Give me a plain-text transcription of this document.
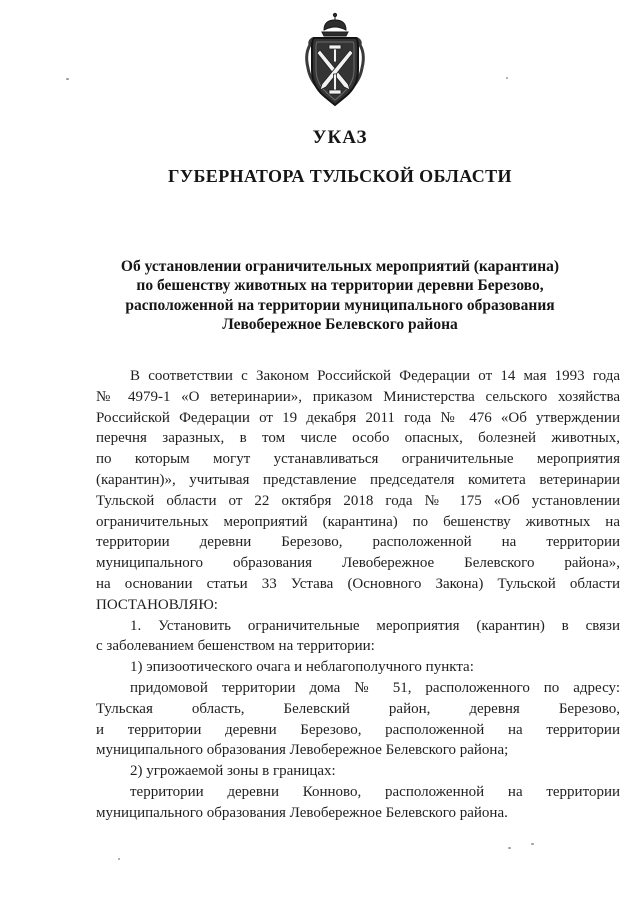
УКАЗ
ГУБЕРНАТОРА ТУЛЬСКОЙ ОБЛАСТИ
Об установлении ограничительных мероприятий (карантина)
по бешенству животных на территории деревни Березово,
расположенной на территории муниципального образования
Левобережное Белевского района
В соответствии с Законом Российской Федерации от 14 мая 1993 года
№ 4979-1 «О ветеринарии», приказом Министерства сельского хозяйства
Российской Федерации от 19 декабря 2011 года № 476 «Об утверждении
перечня заразных, в том числе особо опасных, болезней животных,
по которым могут устанавливаться ограничительные мероприятия
(карантин)», учитывая представление председателя комитета ветеринарии
Тульской области от 22 октября 2018 года № 175 «Об установлении
ограничительных мероприятий (карантина) по бешенству животных на
территории деревни Березово, расположенной на территории
муниципального образования Левобережное Белевского района»,
на основании статьи 33 Устава (Основного Закона) Тульской области
ПОСТАНОВЛЯЮ:
1. Установить ограничительные мероприятия (карантин) в связи
с заболеванием бешенством на территории:
1) эпизоотического очага и неблагополучного пункта:
придомовой территории дома № 51, расположенного по адресу:
Тульская область, Белевский район, деревня Березово,
и территории деревни Березово, расположенной на территории
муниципального образования Левобережное Белевского района;
2) угрожаемой зоны в границах:
территории деревни Конново, расположенной на территории
муниципального образования Левобережное Белевского района.
